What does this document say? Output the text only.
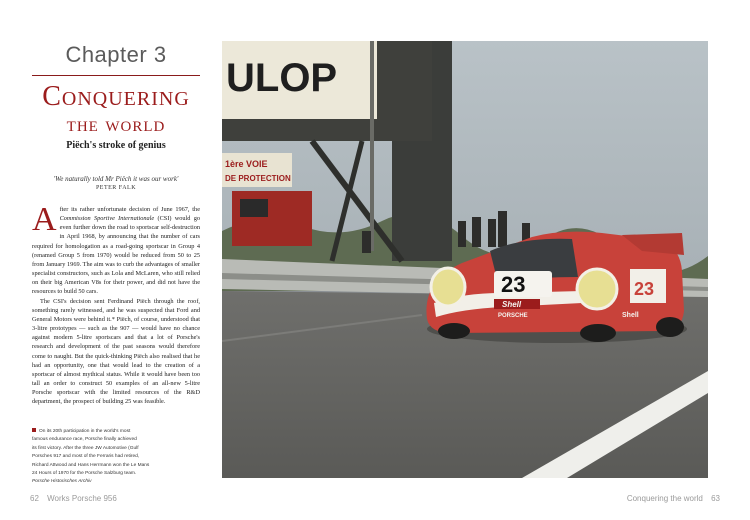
Chapter 3
Conquering
the world
Piëch's stroke of genius
'We naturally told Mr Piëch it was our work'
PETER FALK

After its rather unfortunate decision of June 1967, the Commission Sportive Internationale (CSI) would go even further down the road to sportscar self-destruction in April 1968, by announcing that the number of cars required for homologation as a road-going sportscar in Group 4 (renamed Group 5 from 1970) would be reduced from 50 to 25 from January 1969. The aim was to curb the advantages of smaller specialist constructors, such as Lola and McLaren, who still relied on their big American V8s for their power, and did not have the resources to build 50 cars.

The CSI's decision sent Ferdinand Piëch through the roof, something rarely witnessed, and he was suspected that Ford and General Motors were behind it.* Piëch, of course, understood that 3-litre prototypes — such as the 907 — would have no chance against modern 5-litre sportscars and that a lot of Porsche's research and development of the past seasons would therefore come to naught. But the quick-thinking Piëch also realised that he had an opportunity, one that would lead to the creation of a sportscar of almost mythical status. While it would have been too tall an order to construct 50 examples of an all-new 5-litre Porsche sportscar with the limited resources of the R&D department, the prospect of building 25 was feasible.

On its 20th participation in the world's most
famous endurance race, Porsche finally achieved
its first victory. After the three JW Automotive (Gulf
Porsches 917 and most of the Ferraris had retired,
Richard Attwood and Hans Herrmann won the Le Mans
24 Hours of 1970 for the Porsche Salzburg team.
Porsche Historisches Archiv
ULOP
1ère VOIE
DE PROTECTION
23
Shell
PORSCHE
23
Shell
62 Works Porsche 956	Conquering the world 63
